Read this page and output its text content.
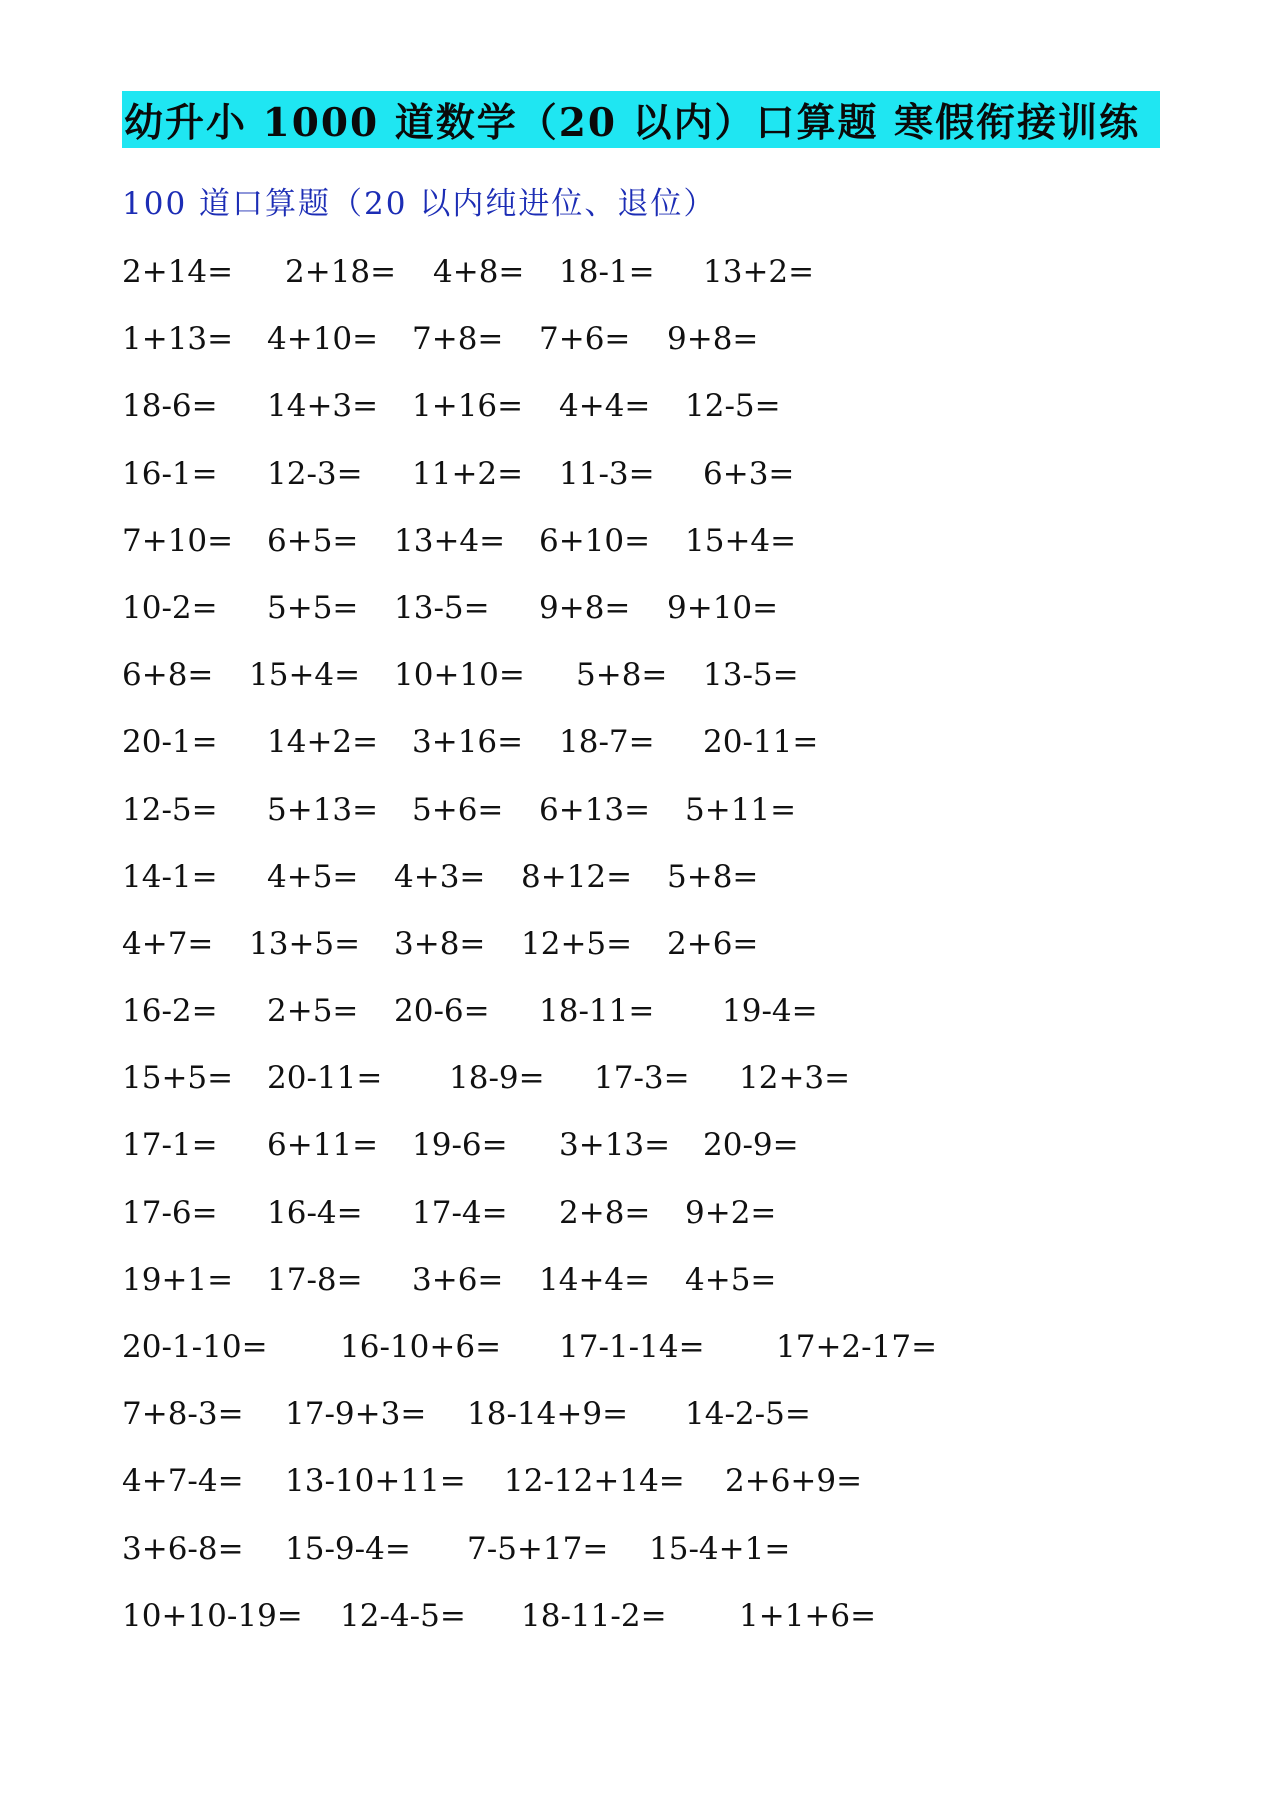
幼升小 1000 道数学（20 以内）口算题 寒假衔接训练
100 道口算题（20 以内纯进位、退位）
2+14= 2+18= 4+8= 18-1= 13+2=
1+13= 4+10= 7+8= 7+6= 9+8=
18-6= 14+3= 1+16= 4+4= 12-5=
16-1= 12-3= 11+2= 11-3= 6+3=
7+10= 6+5= 13+4= 6+10= 15+4=
10-2= 5+5= 13-5= 9+8= 9+10=
6+8= 15+4= 10+10= 5+8= 13-5=
20-1= 14+2= 3+16= 18-7= 20-11=
12-5= 5+13= 5+6= 6+13= 5+11=
14-1= 4+5= 4+3= 8+12= 5+8=
4+7= 13+5= 3+8= 12+5= 2+6=
16-2= 2+5= 20-6= 18-11= 19-4=
15+5= 20-11= 18-9= 17-3= 12+3=
17-1= 6+11= 19-6= 3+13= 20-9=
17-6= 16-4= 17-4= 2+8= 9+2=
19+1= 17-8= 3+6= 14+4= 4+5=
20-1-10= 16-10+6= 17-1-14= 17+2-17=
7+8-3= 17-9+3= 18-14+9= 14-2-5=
4+7-4= 13-10+11= 12-12+14= 2+6+9=
3+6-8= 15-9-4= 7-5+17= 15-4+1=
10+10-19= 12-4-5= 18-11-2= 1+1+6=
